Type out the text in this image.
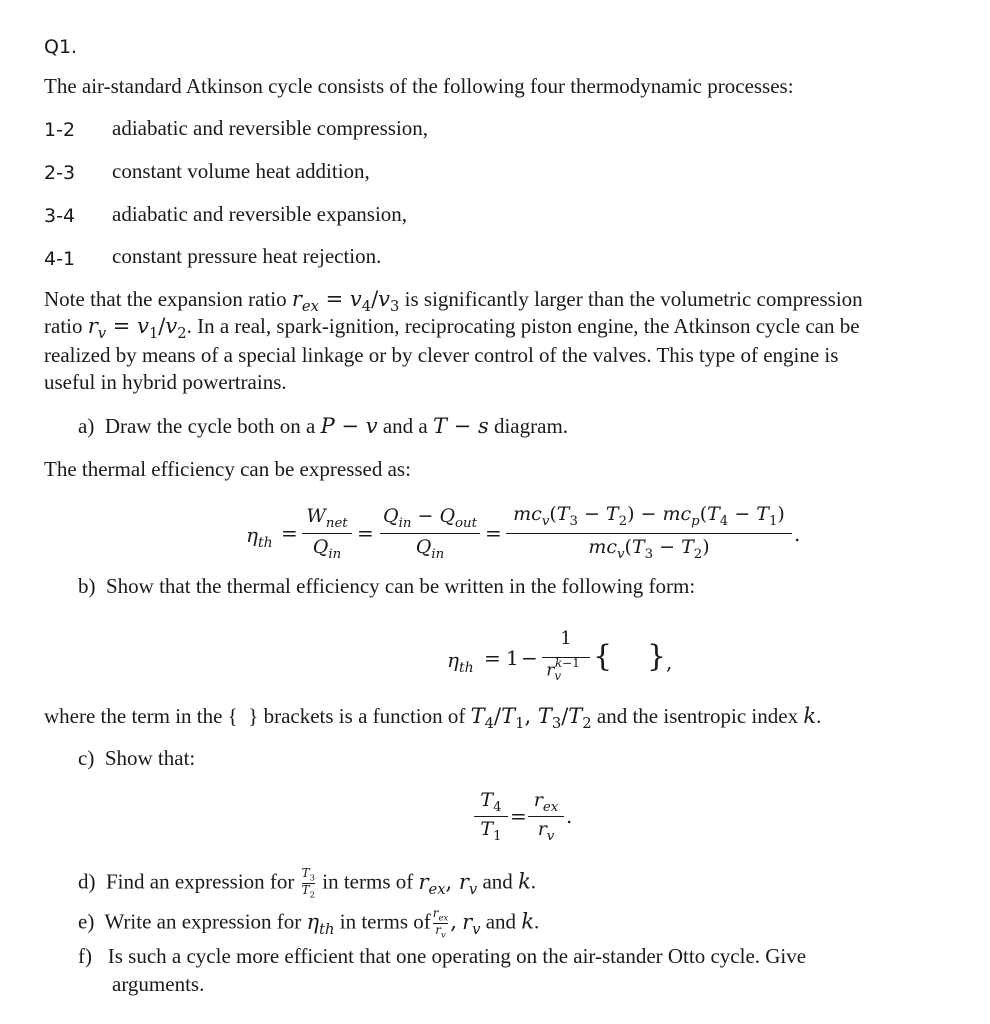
Q1.
The air-standard Atkinson cycle consists of the following four thermodynamic processes:
1-2 adiabatic and reversible compression,
2-3 constant volume heat addition,
3-4 adiabatic and reversible expansion,
4-1 constant pressure heat rejection.
Note that the expansion ratio $r_{ex} = v_4/v_3$ is significantly larger than the volumetric compression
ratio $r_v = v_1/v_2$. In a real, spark-ignition, reciprocating piston engine, the Atkinson cycle can be
realized by means of a special linkage or by clever control of the valves. This type of engine is
useful in hybrid powertrains.
a) Draw the cycle both on a P − v and a T − s diagram.
The thermal efficiency can be expressed as:
$\eta_{th}$ =
$W_{net}$
$Q_{in}$
=
$Q_{in} - Q_{out}$
$Q_{in}$
=
$mc_v(T_3 - T_2) - mc_p(T_4 - T_1)$
$mc_v(T_3 - T_2)$
.
b) Show that the thermal efficiency can be written in the following form:
$\eta_{th} = 1$ −
1
$r_v^{k-1}$ { } ,
where the term in the { } brackets is a function of $T_4/T_1$, $T_3/T_2$ and the isentropic index k.
c) Show that:
$T_4$
$T_1$
=
$r_{ex}$
$r_v$
.
d) Find an expression for $\frac{T_3}{T_2}$ in terms of $r_{ex}$, $r_v$ and k.
e) Write an expression for $\eta_{th}$ in terms of $r_{ex}$
$r_v$
, $r_v$ and k.
f) Is such a cycle more efficient that one operating on the air-stander Otto cycle. Give
arguments.
